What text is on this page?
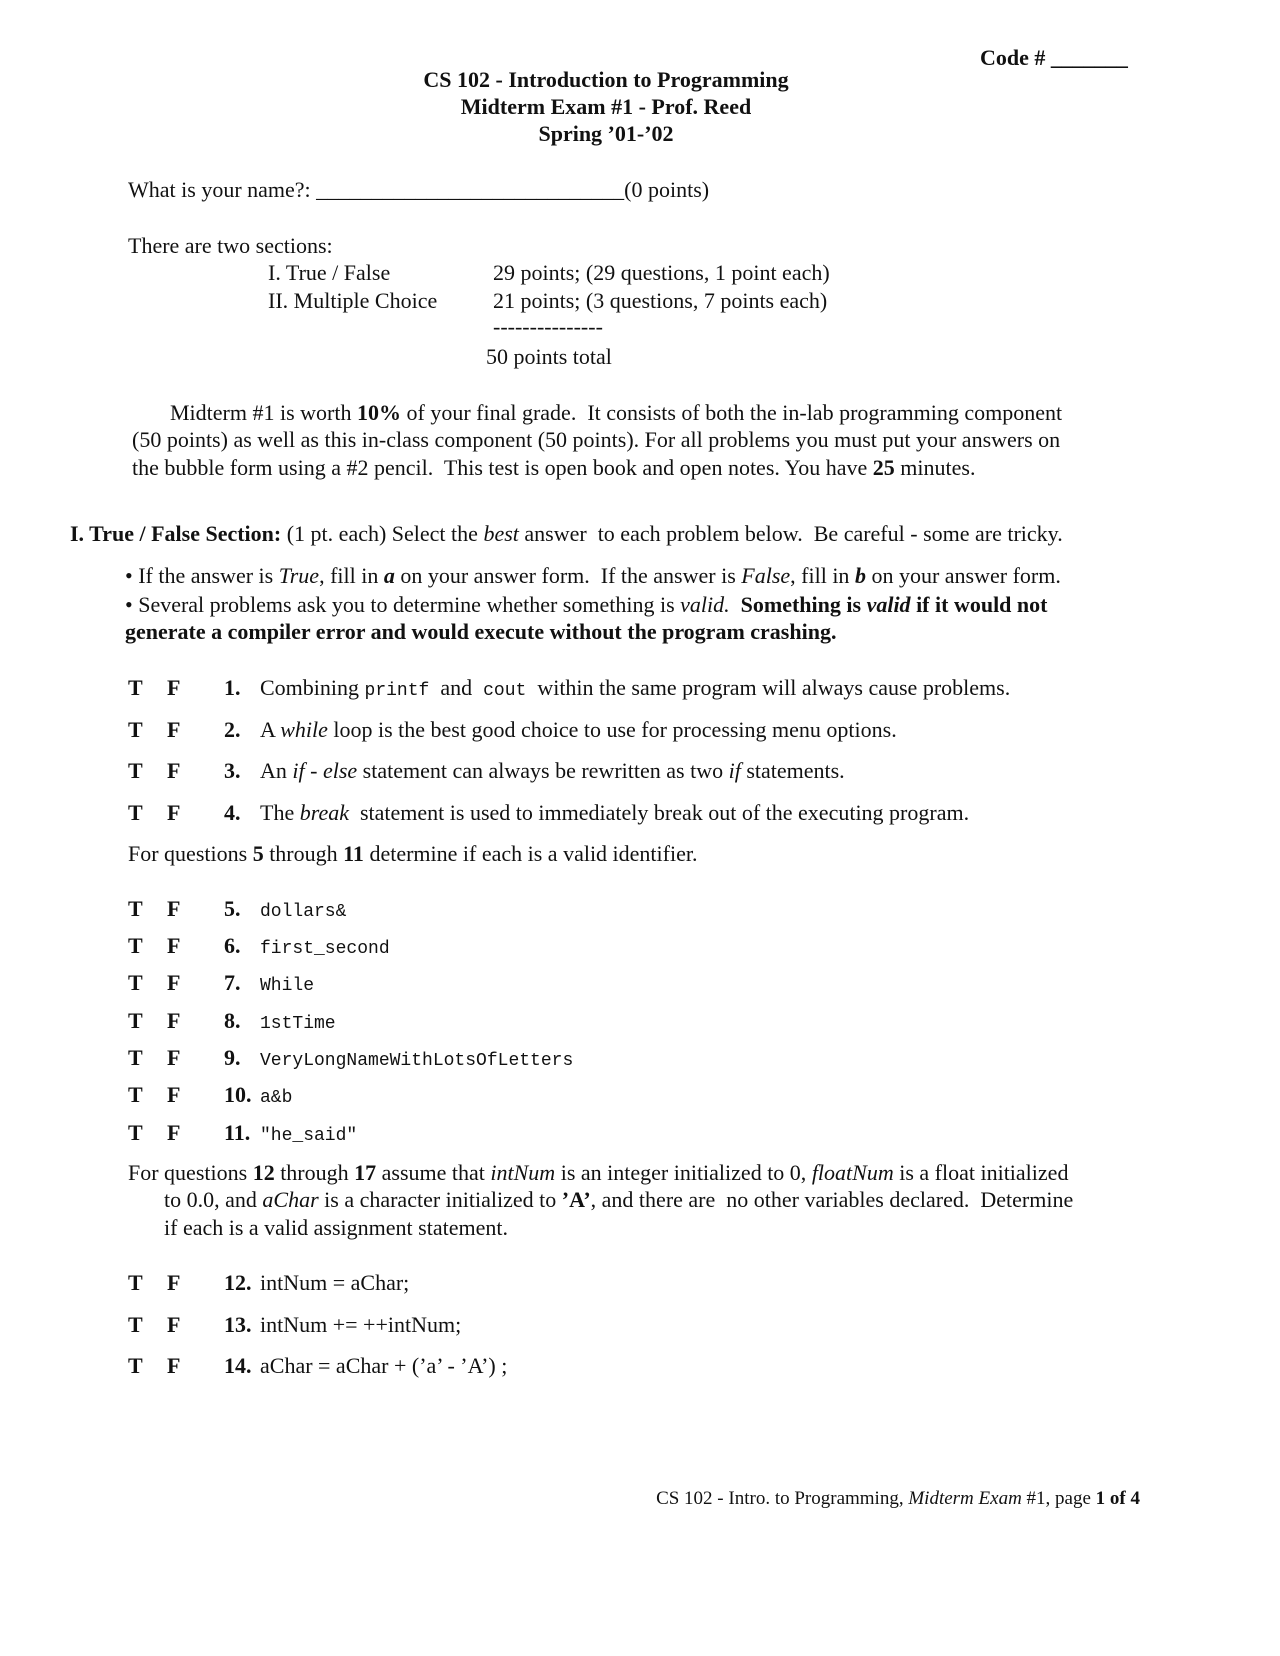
Code # _______
CS 102 - Introduction to Programming
Midterm Exam #1 - Prof. Reed
Spring ’01-’02
What is your name?: ____________________________(0 points)
There are two sections:
I. True / False	29 points; (29 questions, 1 point each)
II. Multiple Choice	21 points; (3 questions, 7 points each)
---------------
50 points total
Midterm #1 is worth 10% of your final grade.  It consists of both the in-lab programming component
(50 points) as well as this in-class component (50 points). For all problems you must put your answers on
the bubble form using a #2 pencil.  This test is open book and open notes. You have 25 minutes.
I. True / False Section: (1 pt. each) Select the best answer  to each problem below.  Be careful - some are tricky.
• If the answer is True, fill in a on your answer form.  If the answer is False, fill in b on your answer form.
• Several problems ask you to determine whether something is valid. Something is valid if it would not
generate a compiler error and would execute without the program crashing.
T F 1. Combining printf  and  cout  within the same program will always cause problems.
T F 2. A while loop is the best good choice to use for processing menu options.
T F 3. An if - else statement can always be rewritten as two if statements.
T F 4. The break  statement is used to immediately break out of the executing program.
For questions 5 through 11 determine if each is a valid identifier.
T F 5. dollars&
T F 6. first_second
T F 7. While
T F 8. 1stTime
T F 9. VeryLongNameWithLotsOfLetters
T F 10. a&b
T F 11. "he_said"
For questions 12 through 17 assume that intNum is an integer initialized to 0, floatNum is a float initialized
to 0.0, and aChar is a character initialized to ’A’, and there are  no other variables declared.  Determine
if each is a valid assignment statement.
T F 12. intNum = aChar;
T F 13. intNum += ++intNum;
T F 14. aChar = aChar + (’a’ - ’A’) ;
CS 102 - Intro. to Programming, Midterm Exam #1, page 1 of 4
